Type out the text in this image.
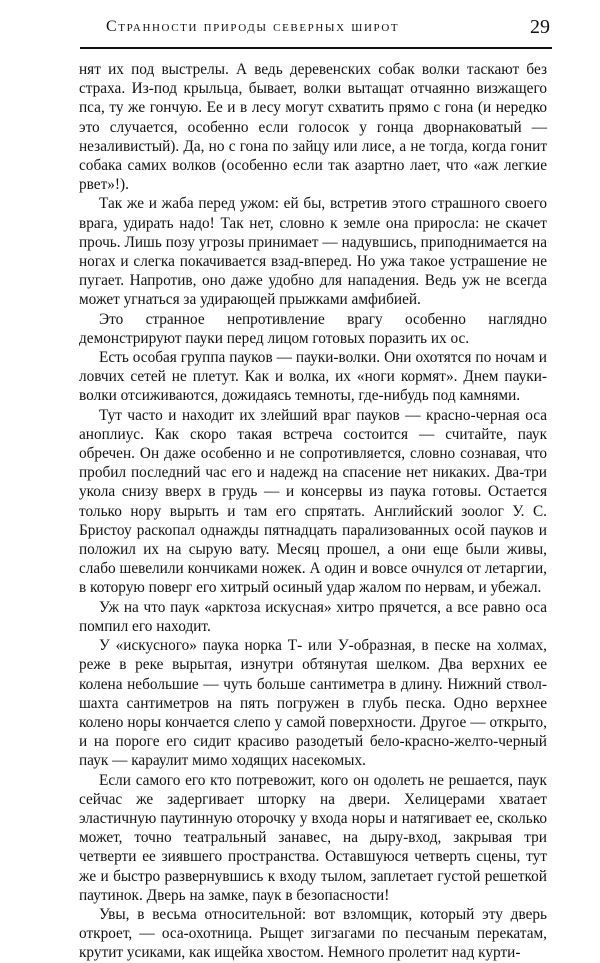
Странности природы северных широт	29

нят их под выстрелы. А ведь деревенских собак волки таскают без страха. Из-под крыльца, бывает, волки вытащат отчаянно визжащего пса, ту же гончую. Ее и в лесу могут схватить прямо с гона (и нередко это случается, особенно если голосок у гонца дворнаковатый — незаливистый). Да, но с гона по зайцу или лисе, а не тогда, когда гонит собака самих волков (особенно если так азартно лает, что «аж легкие рвет»!).

Так же и жаба перед ужом: ей бы, встретив этого страшного своего врага, удирать надо! Так нет, словно к земле она приросла: не скачет прочь. Лишь позу угрозы принимает — надувшись, приподнимается на ногах и слегка покачивается взад-вперед. Но ужа такое устрашение не пугает. Напротив, оно даже удобно для нападения. Ведь уж не всегда может угнаться за удирающей прыжками амфибией.

Это странное непротивление врагу особенно наглядно демонстрируют пауки перед лицом готовых поразить их ос.

Есть особая группа пауков — пауки-волки. Они охотятся по ночам и ловчих сетей не плетут. Как и волка, их «ноги кормят». Днем пауки-волки отсиживаются, дожидаясь темноты, где-нибудь под камнями.

Тут часто и находит их злейший враг пауков — красно-черная оса аноплиус. Как скоро такая встреча состоится — считайте, паук обречен. Он даже особенно и не сопротивляется, словно сознавая, что пробил последний час его и надежд на спасение нет никаких. Два-три укола снизу вверх в грудь — и консервы из паука готовы. Остается только нору вырыть и там его спрятать. Английский зоолог У. С. Бристоу раскопал однажды пятнадцать парализованных осой пауков и положил их на сырую вату. Месяц прошел, а они еще были живы, слабо шевелили кончиками ножек. А один и вовсе очнулся от летаргии, в которую поверг его хитрый осиный удар жалом по нервам, и убежал.

Уж на что паук «арктоза искусная» хитро прячется, а все равно оса помпил его находит.

У «искусного» паука норка Т- или У-образная, в песке на холмах, реже в реке вырытая, изнутри обтянутая шелком. Два верхних ее колена небольшие — чуть больше сантиметра в длину. Нижний ствол-шахта сантиметров на пять погружен в глубь песка. Одно верхнее колено норы кончается слепо у самой поверхности. Другое — открыто, и на пороге его сидит красиво разодетый бело-красно-желто-черный паук — караулит мимо ходящих насекомых.

Если самого его кто потревожит, кого он одолеть не решается, паук сейчас же задергивает шторку на двери. Хелицерами хватает эластичную паутинную оторочку у входа норы и натягивает ее, сколько может, точно театральный занавес, на дыру-вход, закрывая три четверти ее зиявшего пространства. Оставшуюся четверть сцены, тут же и быстро развернувшись к входу тылом, заплетает густой решеткой паутинок. Дверь на замке, паук в безопасности!

Увы, в весьма относительной: вот взломщик, который эту дверь откроет, — оса-охотница. Рыщет зигзагами по песчаным перекатам, крутит усиками, как ищейка хвостом. Немного пролетит над курти-
